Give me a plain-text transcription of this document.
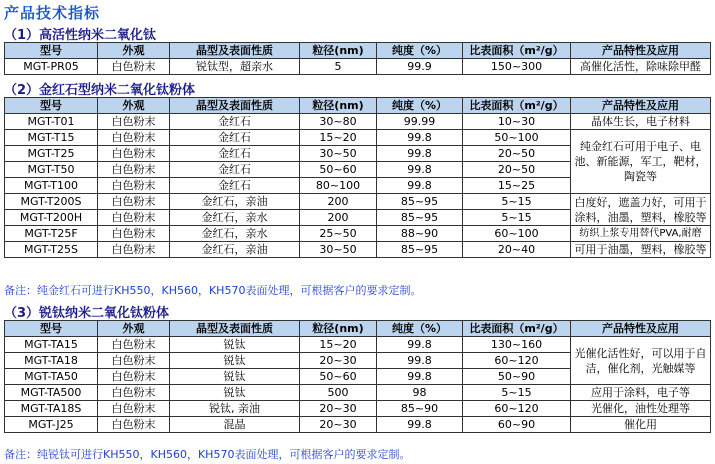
产品技术指标
（1）高活性纳米二氧化钛
型号	外观	晶型及表面性质	粒径(nm)	纯度（%）	比表面积（m²/g）	产品特性及应用
MGT-PR05	白色粉末	锐钛型，超亲水	5	99.9	150~300	高催化活性，除味除甲醛
（2）金红石型纳米二氧化钛粉体
型号	外观	晶型及表面性质	粒径(nm)	纯度（%）	比表面积（m²/g）	产品特性及应用
MGT-T01	白色粉末	金红石	30~80	99.99	10~30	晶体生长，电子材料
MGT-T15	白色粉末	金红石	15~20	99.8	50~100	纯金红石可用于电子、电池、新能源，军工，靶材，陶瓷等
MGT-T25	白色粉末	金红石	30~50	99.8	20~50	
MGT-T50	白色粉末	金红石	50~60	99.8	20~50	
MGT-T100	白色粉末	金红石	80~100	99.8	15~25	
MGT-T200S	白色粉末	金红石，亲油	200	85~95	5~15	白度好，遮盖力好，可用于涂料，油墨，塑料，橡胶等
MGT-T200H	白色粉末	金红石，亲水	200	85~95	5~15	
MGT-T25F	白色粉末	金红石，亲水	25~50	88~90	60~100	纺织上浆专用替代PVA,耐磨
MGT-T25S	白色粉末	金红石，亲油	30~50	85~95	20~40	可用于油墨，塑料，橡胶等
备注：纯金红石可进行KH550，KH560，KH570表面处理，可根据客户的要求定制。
（3）锐钛纳米二氧化钛粉体
型号	外观	晶型及表面性质	粒径(nm)	纯度（%）	比表面积（m²/g）	产品特性及应用
MGT-TA15	白色粉末	锐钛	15~20	99.8	130~160	光催化活性好，可以用于自洁，催化剂，光触媒等
MGT-TA18	白色粉末	锐钛	20~30	99.8	60~120	
MGT-TA50	白色粉末	锐钛	50~60	99.8	50~90	
MGT-TA500	白色粉末	锐钛	500	98	5~15	应用于涂料，电子等
MGT-TA18S	白色粉末	锐钛, 亲油	20~30	85~90	60~120	光催化，油性处理等
MGT-J25	白色粉末	混晶	20~30	99.8	60~90	催化用
备注：纯锐钛可进行KH550，KH560，KH570表面处理，可根据客户的要求定制。
